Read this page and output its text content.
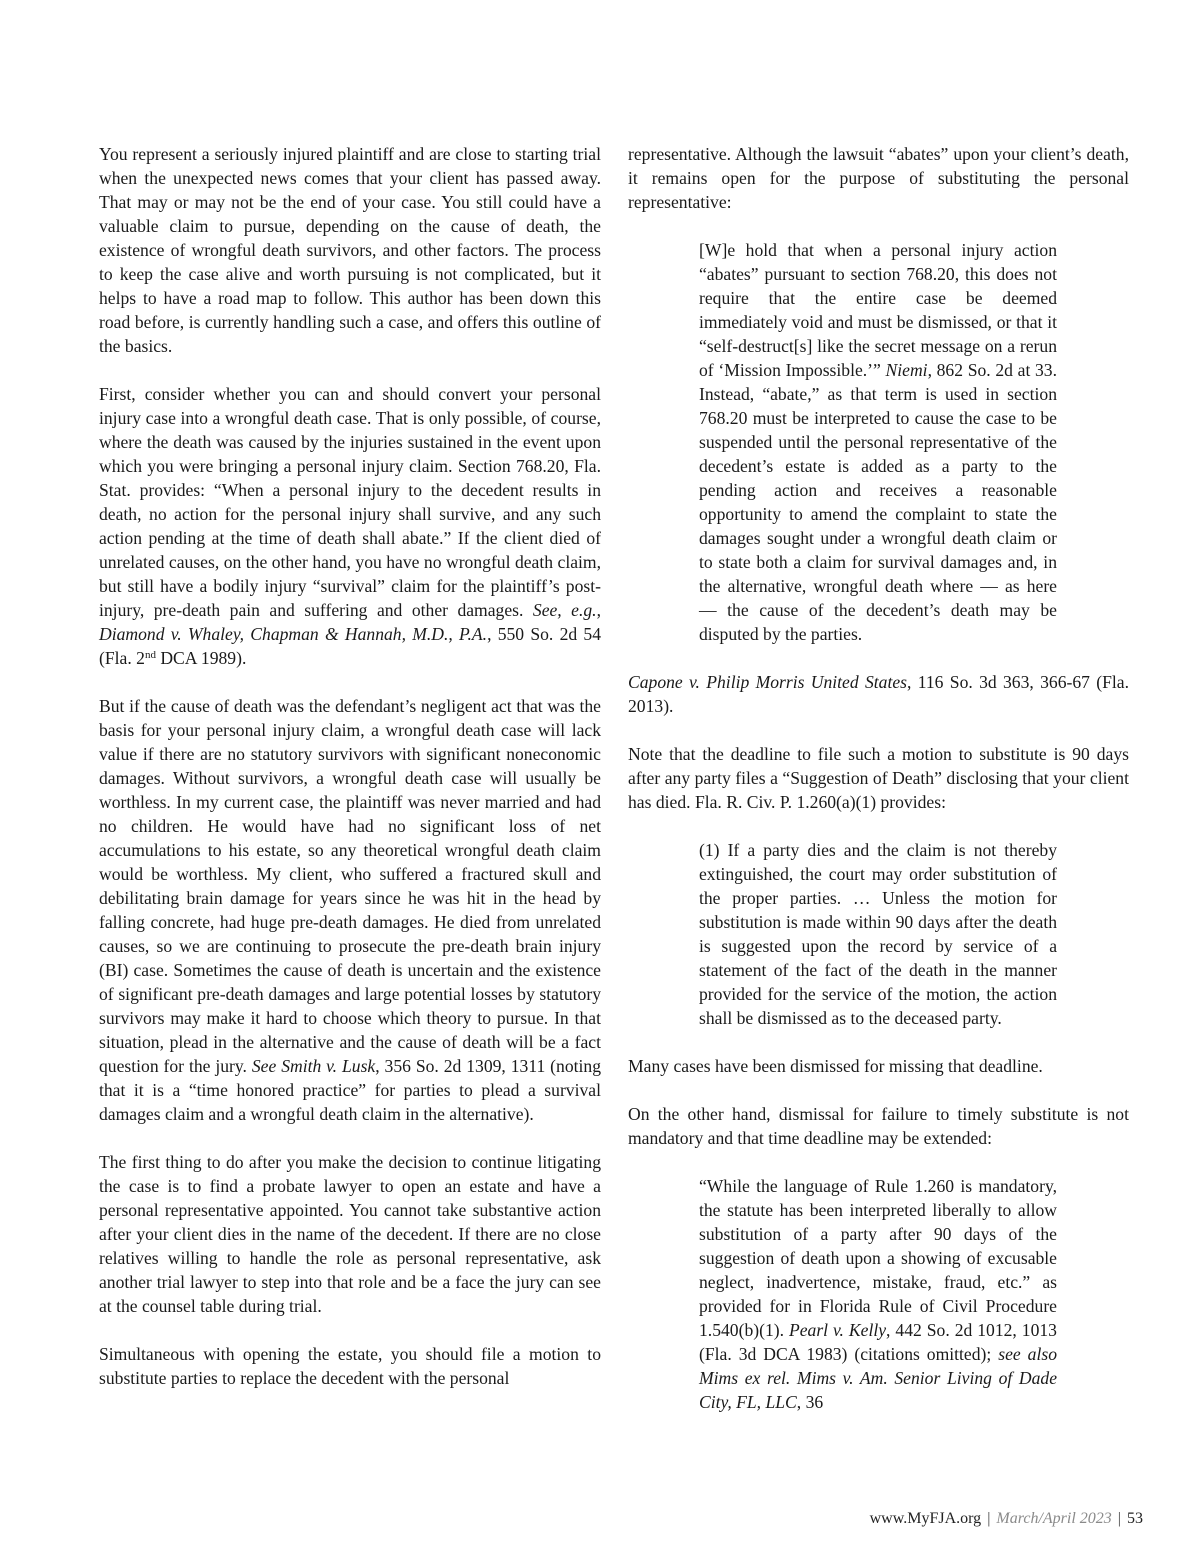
You represent a seriously injured plaintiff and are close to starting trial when the unexpected news comes that your client has passed away. That may or may not be the end of your case. You still could have a valuable claim to pursue, depending on the cause of death, the existence of wrongful death survivors, and other factors. The process to keep the case alive and worth pursuing is not complicated, but it helps to have a road map to follow. This author has been down this road before, is currently handling such a case, and offers this outline of the basics.

First, consider whether you can and should convert your personal injury case into a wrongful death case. That is only possible, of course, where the death was caused by the injuries sustained in the event upon which you were bringing a personal injury claim. Section 768.20, Fla. Stat. provides: “When a personal injury to the decedent results in death, no action for the personal injury shall survive, and any such action pending at the time of death shall abate.” If the client died of unrelated causes, on the other hand, you have no wrongful death claim, but still have a bodily injury “survival” claim for the plaintiff’s post-injury, pre-death pain and suffering and other damages. See, e.g., Diamond v. Whaley, Chapman & Hannah, M.D., P.A., 550 So. 2d 54 (Fla. 2nd DCA 1989).

But if the cause of death was the defendant’s negligent act that was the basis for your personal injury claim, a wrongful death case will lack value if there are no statutory survivors with significant noneconomic damages. Without survivors, a wrongful death case will usually be worthless. In my current case, the plaintiff was never married and had no children. He would have had no significant loss of net accumulations to his estate, so any theoretical wrongful death claim would be worthless. My client, who suffered a fractured skull and debilitating brain damage for years since he was hit in the head by falling concrete, had huge pre-death damages. He died from unrelated causes, so we are continuing to prosecute the pre-death brain injury (BI) case. Sometimes the cause of death is uncertain and the existence of significant pre-death damages and large potential losses by statutory survivors may make it hard to choose which theory to pursue. In that situation, plead in the alternative and the cause of death will be a fact question for the jury. See Smith v. Lusk, 356 So. 2d 1309, 1311 (noting that it is a “time honored practice” for parties to plead a survival damages claim and a wrongful death claim in the alternative).

The first thing to do after you make the decision to continue litigating the case is to find a probate lawyer to open an estate and have a personal representative appointed. You cannot take substantive action after your client dies in the name of the decedent. If there are no close relatives willing to handle the role as personal representative, ask another trial lawyer to step into that role and be a face the jury can see at the counsel table during trial.

Simultaneous with opening the estate, you should file a motion to substitute parties to replace the decedent with the personal

representative. Although the lawsuit “abates” upon your client’s death, it remains open for the purpose of substituting the personal representative:

[W]e hold that when a personal injury action “abates” pursuant to section 768.20, this does not require that the entire case be deemed immediately void and must be dismissed, or that it “self-destruct[s] like the secret message on a rerun of ‘Mission Impossible.’” Niemi, 862 So. 2d at 33. Instead, “abate,” as that term is used in section 768.20 must be interpreted to cause the case to be suspended until the personal representative of the decedent’s estate is added as a party to the pending action and receives a reasonable opportunity to amend the complaint to state the damages sought under a wrongful death claim or to state both a claim for survival damages and, in the alternative, wrongful death where — as here — the cause of the decedent’s death may be disputed by the parties.

Capone v. Philip Morris United States, 116 So. 3d 363, 366-67 (Fla. 2013).

Note that the deadline to file such a motion to substitute is 90 days after any party files a “Suggestion of Death” disclosing that your client has died. Fla. R. Civ. P. 1.260(a)(1) provides:

(1) If a party dies and the claim is not thereby extinguished, the court may order substitution of the proper parties. … Unless the motion for substitution is made within 90 days after the death is suggested upon the record by service of a statement of the fact of the death in the manner provided for the service of the motion, the action shall be dismissed as to the deceased party.

Many cases have been dismissed for missing that deadline.

On the other hand, dismissal for failure to timely substitute is not mandatory and that time deadline may be extended:

“While the language of Rule 1.260 is mandatory, the statute has been interpreted liberally to allow substitution of a party after 90 days of the suggestion of death upon a showing of excusable neglect, inadvertence, mistake, fraud, etc.” as provided for in Florida Rule of Civil Procedure 1.540(b)(1). Pearl v. Kelly, 442 So. 2d 1012, 1013 (Fla. 3d DCA 1983) (citations omitted); see also Mims ex rel. Mims v. Am. Senior Living of Dade City, FL, LLC, 36
www.MyFJA.org | March/April 2023 | 53
